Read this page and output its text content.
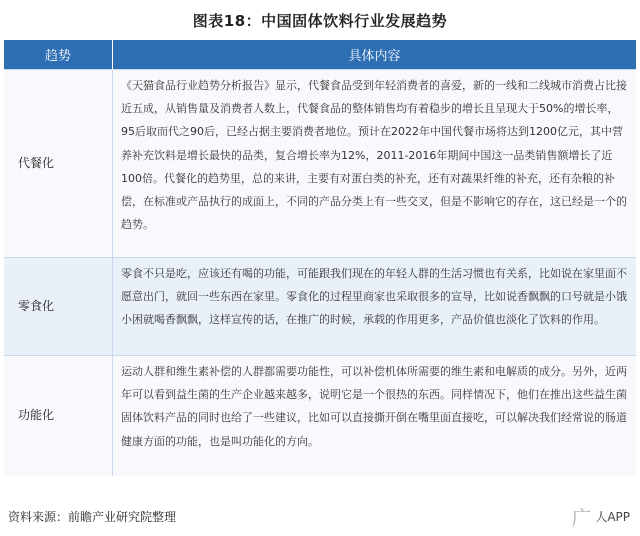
图表18：中国固体饮料行业发展趋势
趋势	具体内容
代餐化	《天猫食品行业趋势分析报告》显示，代餐食品受到年轻消费者的喜爱，新的一线和二线城市消费占比接近五成，从销售量及消费者人数上，代餐食品的整体销售均有着稳步的增长且呈现大于50%的增长率，95后取而代之90后，已经占据主要消费者地位。预计在2022年中国代餐市场将达到1200亿元，其中营养补充饮料是增长最快的品类，复合增长率为12%，2011-2016年期间中国这一品类销售额增长了近100倍。代餐化的趋势里，总的来讲，主要有对蛋白类的补充，还有对蔬果纤维的补充，还有杂粮的补偿，在标准或产品执行的成面上，不同的产品分类上有一些交叉，但是不影响它的存在，这已经是一个的趋势。
零食化	零食不只是吃，应该还有喝的功能，可能跟我们现在的年轻人群的生活习惯也有关系，比如说在家里面不愿意出门，就回一些东西在家里。零食化的过程里商家也采取很多的宣导，比如说香飘飘的口号就是小饿小困就喝香飘飘，这样宣传的话，在推广的时候，承载的作用更多，产品价值也淡化了饮料的作用。
功能化	运动人群和维生素补偿的人群都需要功能性，可以补偿机体所需要的维生素和电解质的成分。另外，近两年可以看到益生菌的生产企业越来越多，说明它是一个很热的东西。同样情况下，他们在推出这些益生菌固体饮料产品的同时也给了一些建议，比如可以直接撕开倒在嘴里面直接吃，可以解决我们经常说的肠道健康方面的功能，也是叫功能化的方向。
资料来源：前瞻产业研究院整理	广 人APP
